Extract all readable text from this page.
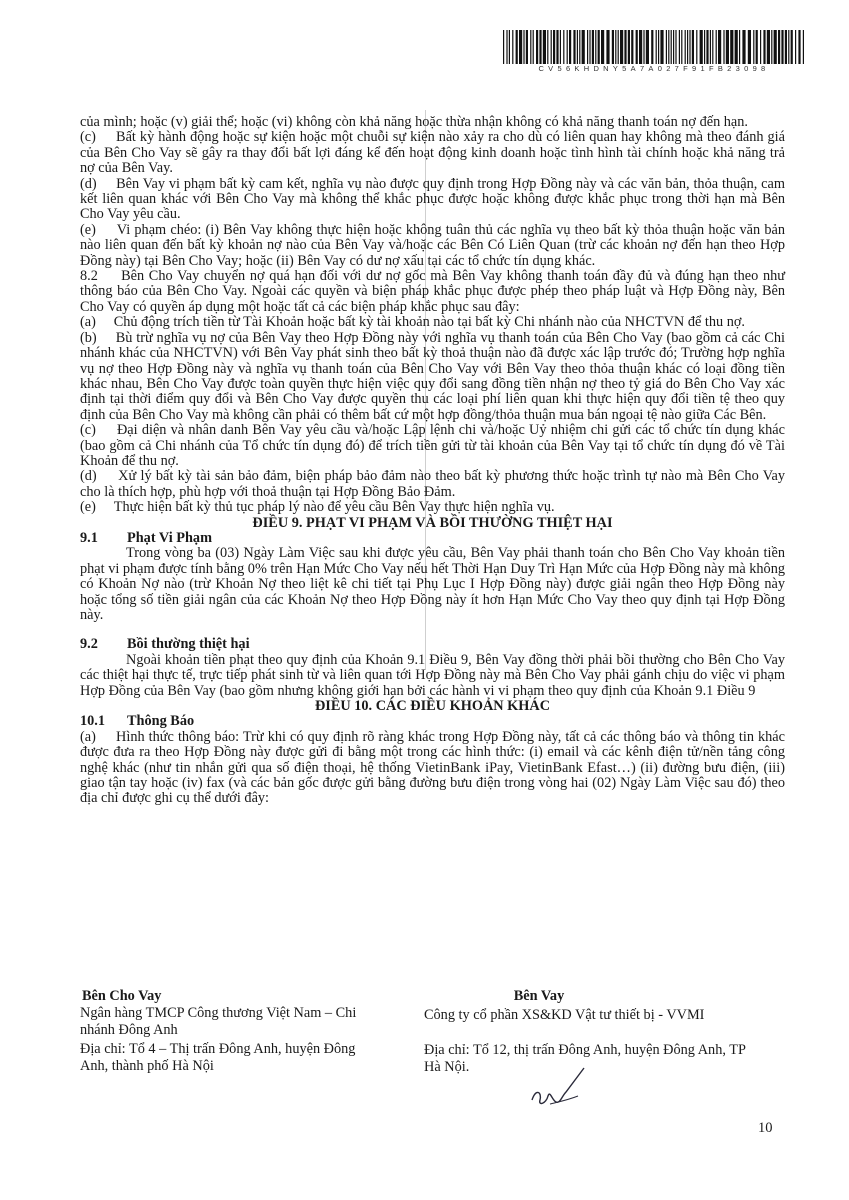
CV56KHDNY5A7A027F91FB23098

của mình; hoặc (v) giải thể; hoặc (vi) không còn khả năng hoặc thừa nhận không có khả năng thanh toán nợ đến hạn.

(c)     Bất kỳ hành động hoặc sự kiện hoặc một chuỗi sự kiện nào xảy ra cho dù có liên quan hay không mà theo đánh giá của Bên Cho Vay sẽ gây ra thay đổi bất lợi đáng kể đến hoạt động kinh doanh hoặc tình hình tài chính hoặc khả năng trả nợ của Bên Vay.

(d)     Bên Vay vi phạm bất kỳ cam kết, nghĩa vụ nào được quy định trong Hợp Đồng này và các văn bản, thỏa thuận, cam kết liên quan khác với Bên Cho Vay mà không thể khắc phục được hoặc không được khắc phục trong thời hạn mà Bên Cho Vay yêu cầu.

(e)     Vi phạm chéo: (i) Bên Vay không thực hiện hoặc không tuân thủ các nghĩa vụ theo bất kỳ thỏa thuận hoặc văn bản nào liên quan đến bất kỳ khoản nợ nào của Bên Vay và/hoặc các Bên Có Liên Quan (trừ các khoản nợ đến hạn theo Hợp Đồng này) tại Bên Cho Vay; hoặc (ii) Bên Vay có dư nợ xấu tại các tổ chức tín dụng khác.

8.2     Bên Cho Vay chuyển nợ quá hạn đối với dư nợ gốc mà Bên Vay không thanh toán đầy đủ và đúng hạn theo như thông báo của Bên Cho Vay. Ngoài các quyền và biện pháp khắc phục được phép theo pháp luật và Hợp Đồng này, Bên Cho Vay có quyền áp dụng một hoặc tất cả các biện pháp khắc phục sau đây:

(a)     Chủ động trích tiền từ Tài Khoản hoặc bất kỳ tài khoản nào tại bất kỳ Chi nhánh nào của NHCTVN để thu nợ.

(b)     Bù trừ nghĩa vụ nợ của Bên Vay theo Hợp Đồng này với nghĩa vụ thanh toán của Bên Cho Vay (bao gồm cả các Chi nhánh khác của NHCTVN) với Bên Vay phát sinh theo bất kỳ thoả thuận nào đã được xác lập trước đó; Trường hợp nghĩa vụ nợ theo Hợp Đồng này và nghĩa vụ thanh toán của Bên Cho Vay với Bên Vay theo thỏa thuận khác có loại đồng tiền khác nhau, Bên Cho Vay được toàn quyền thực hiện việc quy đổi sang đồng tiền nhận nợ theo tỷ giá do Bên Cho Vay xác định tại thời điểm quy đổi và Bên Cho Vay được quyền thu các loại phí liên quan khi thực hiện quy đổi tiền tệ theo quy định của Bên Cho Vay mà không cần phải có thêm bất cứ một hợp đồng/thỏa thuận mua bán ngoại tệ nào giữa Các Bên.

(c)     Đại diện và nhân danh Bên Vay yêu cầu và/hoặc Lập lệnh chi và/hoặc Uỷ nhiệm chi gửi các tổ chức tín dụng khác (bao gồm cả Chi nhánh của Tổ chức tín dụng đó) để trích tiền gửi từ tài khoản của Bên Vay tại tổ chức tín dụng đó về Tài Khoản để thu nợ.

(d)     Xử lý bất kỳ tài sản bảo đảm, biện pháp bảo đảm nào theo bất kỳ phương thức hoặc trình tự nào mà Bên Cho Vay cho là thích hợp, phù hợp với thoả thuận tại Hợp Đồng Bảo Đảm.

(e)     Thực hiện bất kỳ thủ tục pháp lý nào để yêu cầu Bên Vay thực hiện nghĩa vụ.

ĐIỀU 9. PHẠT VI PHẠM VÀ BỒI THƯỜNG THIỆT HẠI

9.1	Phạt Vi Phạm

Trong vòng ba (03) Ngày Làm Việc sau khi được yêu cầu, Bên Vay phải thanh toán cho Bên Cho Vay khoản tiền phạt vi phạm được tính bằng 0% trên Hạn Mức Cho Vay nếu hết Thời Hạn Duy Trì Hạn Mức của Hợp Đồng này mà không có Khoản Nợ nào (trừ Khoản Nợ theo liệt kê chi tiết tại Phụ Lục I Hợp Đồng này) được giải ngân theo Hợp Đồng này hoặc tổng số tiền giải ngân của các Khoản Nợ theo Hợp Đồng này ít hơn Hạn Mức Cho Vay theo quy định tại Hợp Đồng này.

9.2	Bồi thường thiệt hại

Ngoài khoản tiền phạt theo quy định của Khoản 9.1 Điều 9, Bên Vay đồng thời phải bồi thường cho Bên Cho Vay các thiệt hại thực tế, trực tiếp phát sinh từ và liên quan tới Hợp Đồng này mà Bên Cho Vay phải gánh chịu do việc vi phạm Hợp Đồng của Bên Vay (bao gồm nhưng không giới hạn bởi các hành vi vi phạm theo quy định của Khoản 9.1 Điều 9

ĐIỀU 10. CÁC ĐIỀU KHOẢN KHÁC

10.1	Thông Báo

(a)     Hình thức thông báo: Trừ khi có quy định rõ ràng khác trong Hợp Đồng này, tất cả các thông báo và thông tin khác được đưa ra theo Hợp Đồng này được gửi đi bằng một trong các hình thức: (i) email và các kênh điện tử/nền tảng công nghệ khác (như tin nhắn gửi qua số điện thoại, hệ thống VietinBank iPay, VietinBank Efast…) (ii) đường bưu điện, (iii) giao tận tay hoặc (iv) fax (và các bản gốc được gửi bằng đường bưu điện trong vòng hai (02) Ngày Làm Việc sau đó) theo địa chỉ được ghi cụ thể dưới đây:

Bên Cho Vay
Ngân hàng TMCP Công thương Việt Nam – Chi nhánh Đông Anh
Địa chỉ: Tổ 4 – Thị trấn Đông Anh, huyện Đông Anh, thành phố Hà Nội
Bên Vay
Công ty cổ phần XS&KD Vật tư thiết bị - VVMI
Địa chỉ: Tổ 12, thị trấn Đông Anh, huyện Đông Anh, TP Hà Nội.
10
